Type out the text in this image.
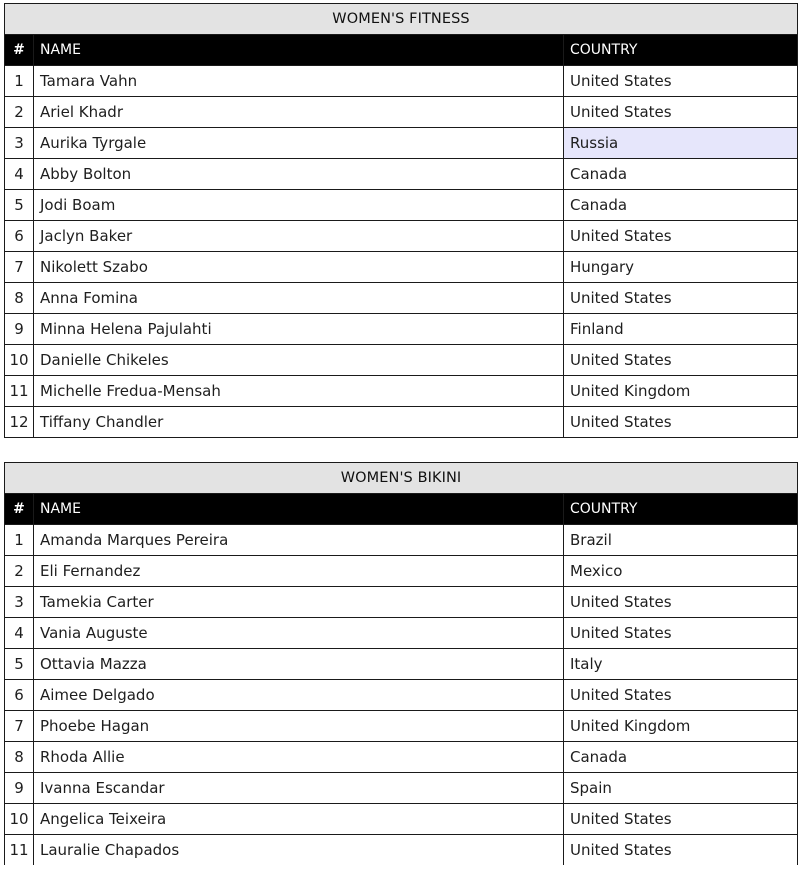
WOMEN'S FITNESS		
#	NAME	COUNTRY
1	Tamara Vahn	United States
2	Ariel Khadr	United States
3	Aurika Tyrgale	Russia
4	Abby Bolton	Canada
5	Jodi Boam	Canada
6	Jaclyn Baker	United States
7	Nikolett Szabo	Hungary
8	Anna Fomina	United States
9	Minna Helena Pajulahti	Finland
10	Danielle Chikeles	United States
11	Michelle Fredua-Mensah	United Kingdom
12	Tiffany Chandler	United States
WOMEN'S BIKINI		
#	NAME	COUNTRY
1	Amanda Marques Pereira	Brazil
2	Eli Fernandez	Mexico
3	Tamekia Carter	United States
4	Vania Auguste	United States
5	Ottavia Mazza	Italy
6	Aimee Delgado	United States
7	Phoebe Hagan	United Kingdom
8	Rhoda Allie	Canada
9	Ivanna Escandar	Spain
10	Angelica Teixeira	United States
11	Lauralie Chapados	United States
